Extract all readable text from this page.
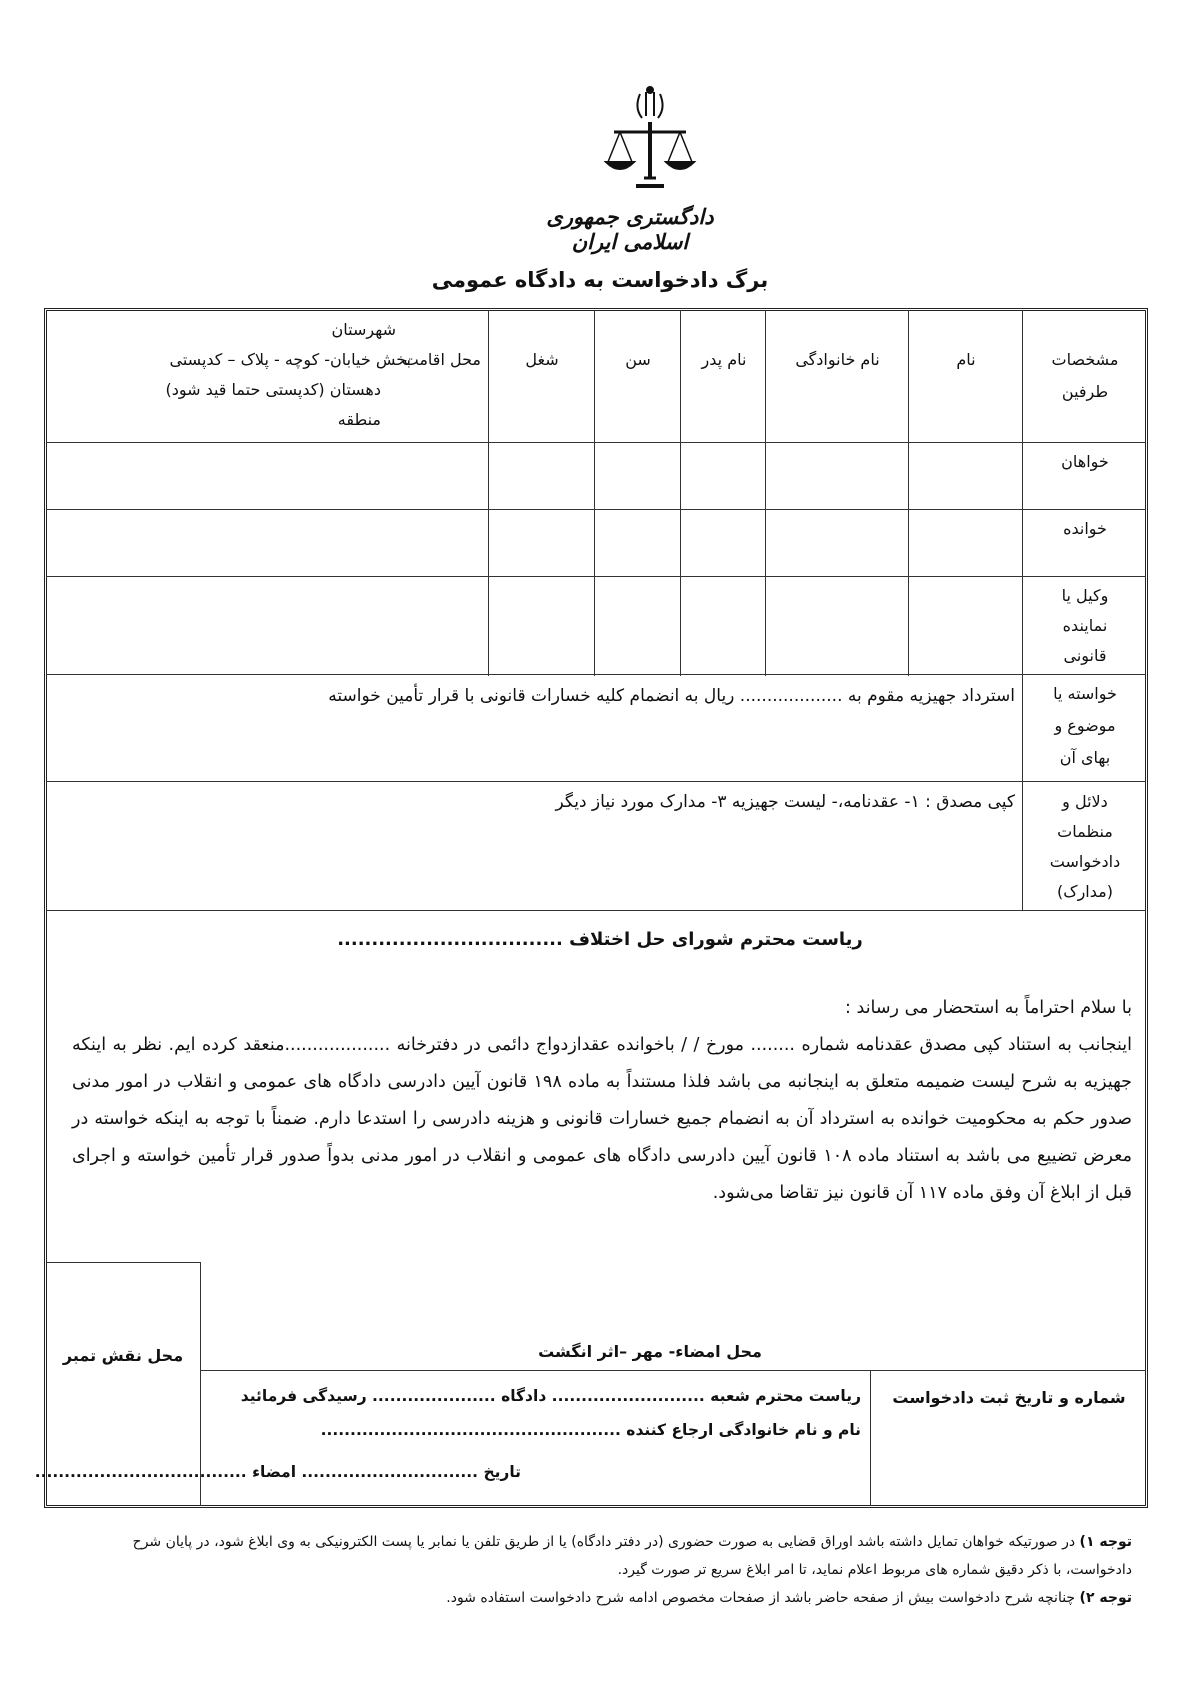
دادگستری جمهوری اسلامی ایران
برگ دادخواست به دادگاه عمومی
مشخصات
طرفین
نام
نام خانوادگی
نام پدر
سن
شغل
محل اقامت
شهرستان
بخش خیابان- کوچه - پلاک – کدپستی
دهستان (کدپستی حتما قید شود)
منطقه
خواهان
خوانده
وکیل یا
نماینده
قانونی
خواسته یا
موضوع و
بهای آن
استرداد جهیزیه مقوم به ................... ریال به انضمام کلیه خسارات قانونی با قرار تأمین خواسته
دلائل و
منظمات
دادخواست
(مدارک)
کپی مصدق : ۱- عقدنامه،- لیست جهیزیه ۳- مدارک مورد نیاز دیگر
ریاست محترم شورای حل اختلاف .................................

با سلام احتراماً به استحضار می رساند :

اینجانب به استناد کپی مصدق عقدنامه شماره ........ مورخ / / باخوانده عقدازدواج دائمی در دفترخانه ...................منعقد کرده ایم. نظر به اینکه جهیزیه به شرح لیست ضمیمه متعلق به اینجانبه می باشد فلذا مستنداً به ماده ۱۹۸ قانون آیین دادرسی دادگاه های عمومی و انقلاب در امور مدنی صدور حکم به محکومیت خوانده به استرداد آن به انضمام جمیع خسارات قانونی و هزینه دادرسی را استدعا دارم. ضمناً با توجه به اینکه خواسته در معرض تضییع می باشد به استناد ماده ۱۰۸ قانون آیین دادرسی دادگاه های عمومی و انقلاب در امور مدنی بدواً صدور قرار تأمین خواسته و اجرای قبل از ابلاغ آن وفق ماده ۱۱۷ آن قانون نیز تقاضا می‌شود.

محل نقش تمبر	محل امضاء- مهر –اثر انگشت
شماره و تاریخ ثبت دادخواست
ریاست محترم شعبه .......................... دادگاه ..................... رسیدگی فرمائید
نام و نام خانوادگی ارجاع کننده ...................................................
تاریخ .............................. امضاء ....................................

توجه ۱) در صورتیکه خواهان تمایل داشته باشد اوراق قضایی به صورت حضوری (در دفتر دادگاه) یا از طریق تلفن یا نمابر یا پست الکترونیکی به وی ابلاغ شود، در پایان شرح دادخواست، با ذکر دقیق شماره های مربوط اعلام نماید، تا امر ابلاغ سریع تر صورت گیرد.

توجه ۲) چنانچه شرح دادخواست بیش از صفحه حاضر باشد از صفحات مخصوص ادامه شرح دادخواست استفاده شود.
